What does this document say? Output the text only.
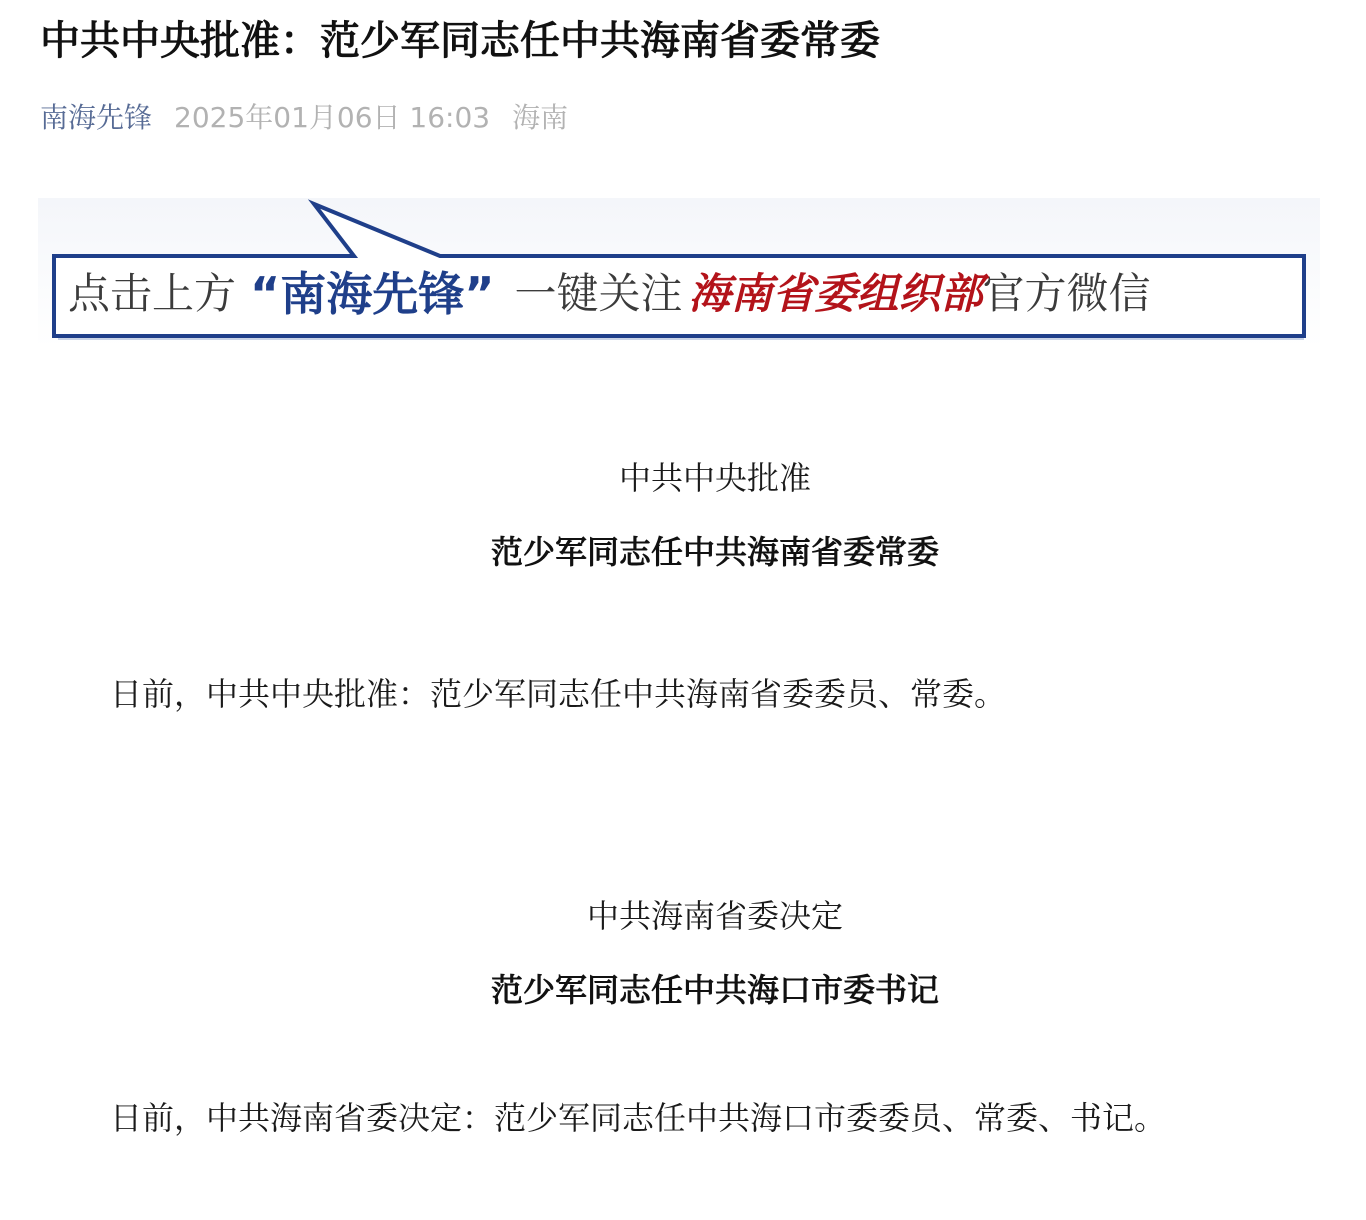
中共中央批准：范少军同志任中共海南省委常委
南海先锋 2025年01月06日 16:03 海南
点击上方 “ 南海先锋 ” 一键关注 海南省委组织部 官方微信
中共中央批准
范少军同志任中共海南省委常委

日前，中共中央批准：范少军同志任中共海南省委委员、常委。

中共海南省委决定
范少军同志任中共海口市委书记

日前，中共海南省委决定：范少军同志任中共海口市委委员、常委、书记。
